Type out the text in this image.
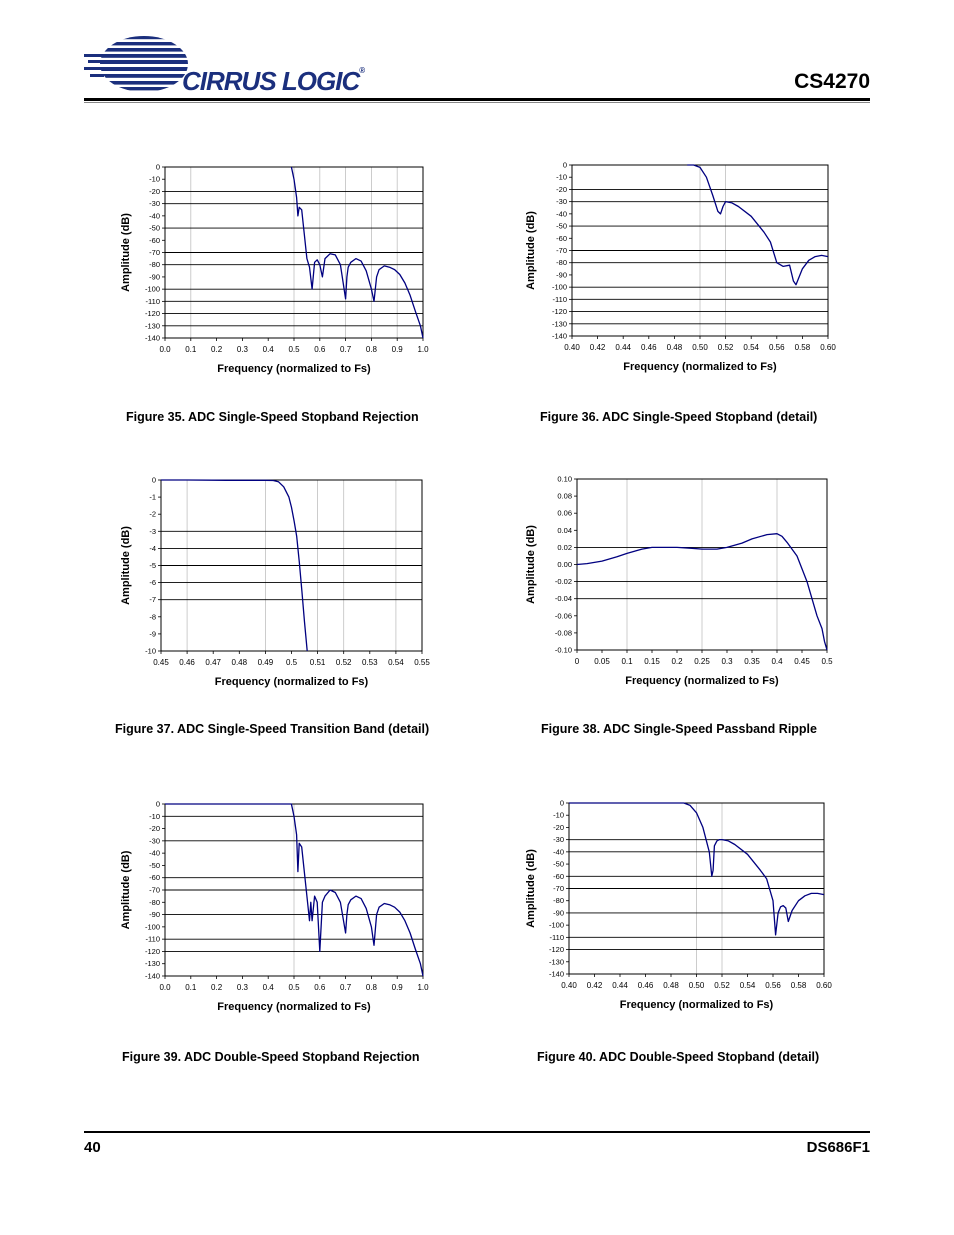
CIRRUS LOGIC®	CS4270
0
-10
-20
-30
-40
-50
-60
-70
-80
-90
-100
-110
-120
-130
-140
0.0 0.1 0.2 0.3 0.4 0.5 0.6 0.7 0.8 0.9 1.0
Frequency (normalized to Fs)
Amplitude (dB)
Figure 35. ADC Single-Speed Stopband Rejection
0
-10
-20
-30
-40
-50
-60
-70
-80
-90
-100
-110
-120
-130
-140
0.40 0.42 0.44 0.46 0.48 0.50 0.52 0.54 0.56 0.58 0.60
Frequency (normalized to Fs)
Amplitude (dB)
Figure 36. ADC Single-Speed Stopband (detail)
0
-1
-2
-3
-4
-5
-6
-7
-8
-9
-10
0.45 0.46 0.47 0.48 0.49 0.5 0.51 0.52 0.53 0.54 0.55
Frequency (normalized to Fs)
Amplitude (dB)
Figure 37. ADC Single-Speed Transition Band (detail)
0.10
0.08
0.06
0.04
0.02
0.00
-0.02
-0.04
-0.06
-0.08
-0.10
0 0.05 0.1 0.15 0.2 0.25 0.3 0.35 0.4 0.45 0.5
Frequency (normalized to Fs)
Amplitude (dB)
Figure 38. ADC Single-Speed Passband Ripple
0
-10
-20
-30
-40
-50
-60
-70
-80
-90
-100
-110
-120
-130
-140
0.0 0.1 0.2 0.3 0.4 0.5 0.6 0.7 0.8 0.9 1.0
Frequency (normalized to Fs)
Amplitude (dB)
Figure 39. ADC Double-Speed Stopband Rejection
0
-10
-20
-30
-40
-50
-60
-70
-80
-90
-100
-110
-120
-130
-140
0.40 0.42 0.44 0.46 0.48 0.50 0.52 0.54 0.56 0.58 0.60
Frequency (normalized to Fs)
Amplitude (dB)
Figure 40. ADC Double-Speed Stopband (detail)
40	DS686F1
